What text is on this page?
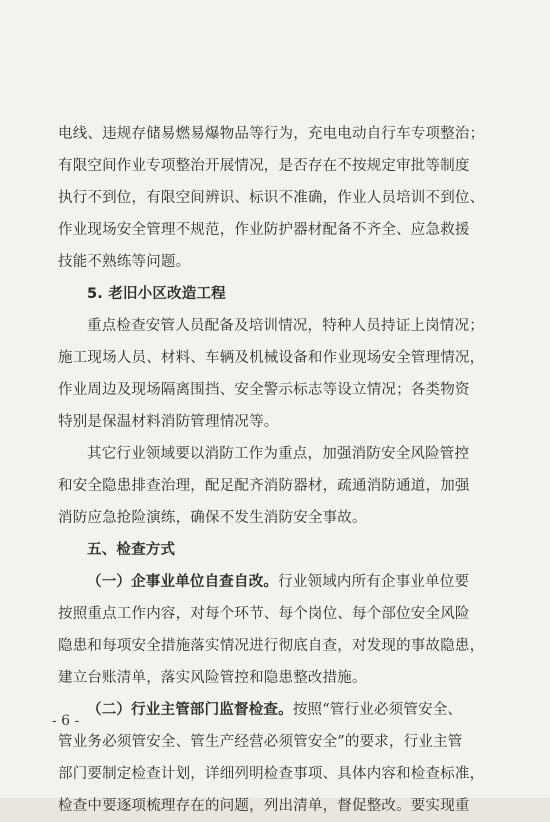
电线、违规存储易燃易爆物品等行为，充电电动自行车专项整治；
有限空间作业专项整治开展情况，是否存在不按规定审批等制度
执行不到位，有限空间辨识、标识不准确，作业人员培训不到位、
作业现场安全管理不规范，作业防护器材配备不齐全、应急救援
技能不熟练等问题。
5. 老旧小区改造工程
重点检查安管人员配备及培训情况，特种人员持证上岗情况；
施工现场人员、材料、车辆及机械设备和作业现场安全管理情况，
作业周边及现场隔离围挡、安全警示标志等设立情况；各类物资
特别是保温材料消防管理情况等。
其它行业领域要以消防工作为重点，加强消防安全风险管控
和安全隐患排查治理，配足配齐消防器材，疏通消防通道，加强
消防应急抢险演练，确保不发生消防安全事故。
五、检查方式
（一）企事业单位自查自改。行业领域内所有企事业单位要
按照重点工作内容，对每个环节、每个岗位、每个部位安全风险
隐患和每项安全措施落实情况进行彻底自查，对发现的事故隐患，
建立台账清单，落实风险管控和隐患整改措施。
（二）行业主管部门监督检查。按照“管行业必须管安全、
管业务必须管安全、管生产经营必须管安全”的要求，行业主管
部门要制定检查计划，详细列明检查事项、具体内容和检查标准，
检查中要逐项梳理存在的问题，列出清单，督促整改。要实现重
- 6 -
